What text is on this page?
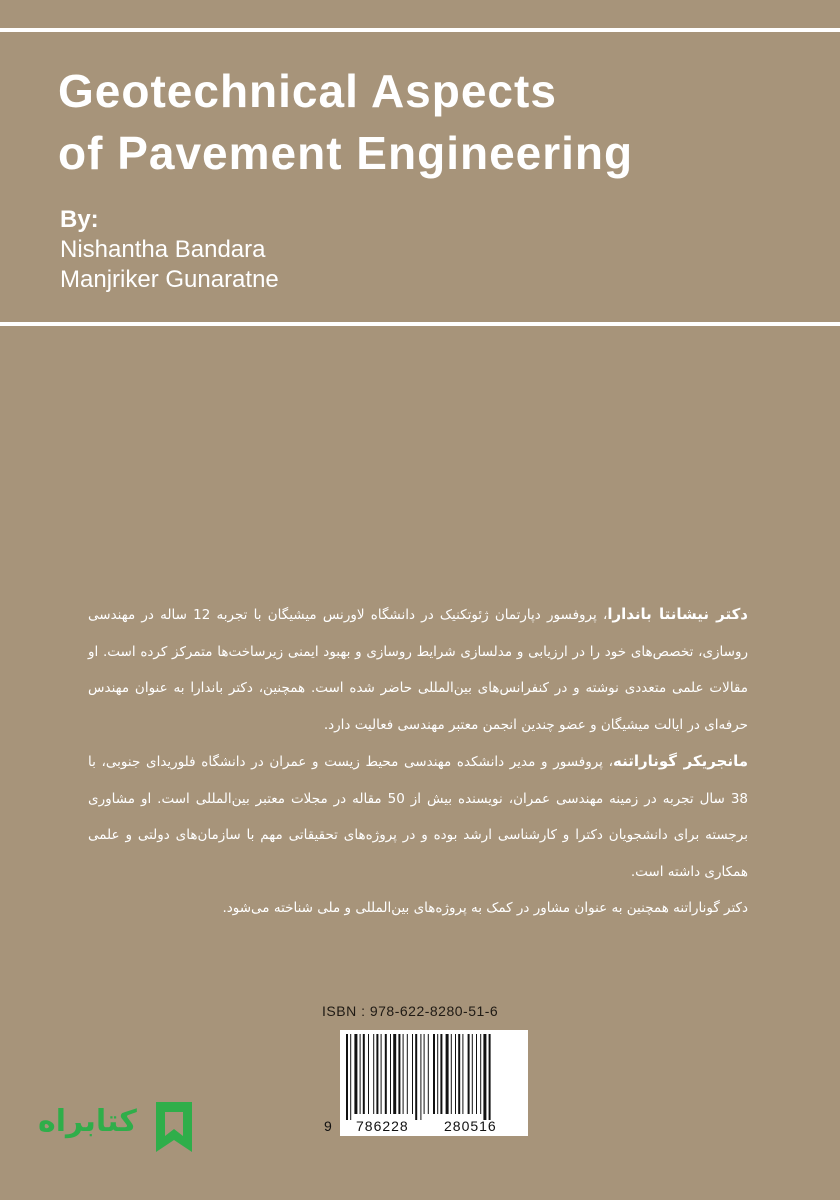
Geotechnical Aspects
of Pavement Engineering
By:
Nishantha Bandara
Manjriker Gunaratne

دکتر نیشانتا باندارا، پروفسور دپارتمان ژئوتکنیک در دانشگاه لاورنس میشیگان با تجربه 12 ساله در مهندسی روسازی، تخصص‌های خود را در ارزیابی و مدلسازی شرایط روسازی و بهبود ایمنی زیرساخت‌ها متمرکز کرده است. او مقالات علمی متعددی نوشته و در کنفرانس‌های بین‌المللی حاضر شده است. همچنین، دکتر باندارا به عنوان مهندس حرفه‌ای در ایالت میشیگان و عضو چندین انجمن معتبر مهندسی فعالیت دارد.

مانجریکر گوناراتنه، پروفسور و مدیر دانشکده مهندسی محیط زیست و عمران در دانشگاه فلوریدای جنوبی، با 38 سال تجربه در زمینه مهندسی عمران، نویسنده بیش از 50 مقاله در مجلات معتبر بین‌المللی است. او مشاوری برجسته برای دانشجویان دکترا و کارشناسی ارشد بوده و در پروژه‌های تحقیقاتی مهم با سازمان‌های دولتی و علمی همکاری داشته است.

دکتر گوناراتنه همچنین به عنوان مشاور در کمک به پروژه‌های بین‌المللی و ملی شناخته می‌شود.

ISBN : 978-622-8280-51-6
9 786228	280516
کتابراه
